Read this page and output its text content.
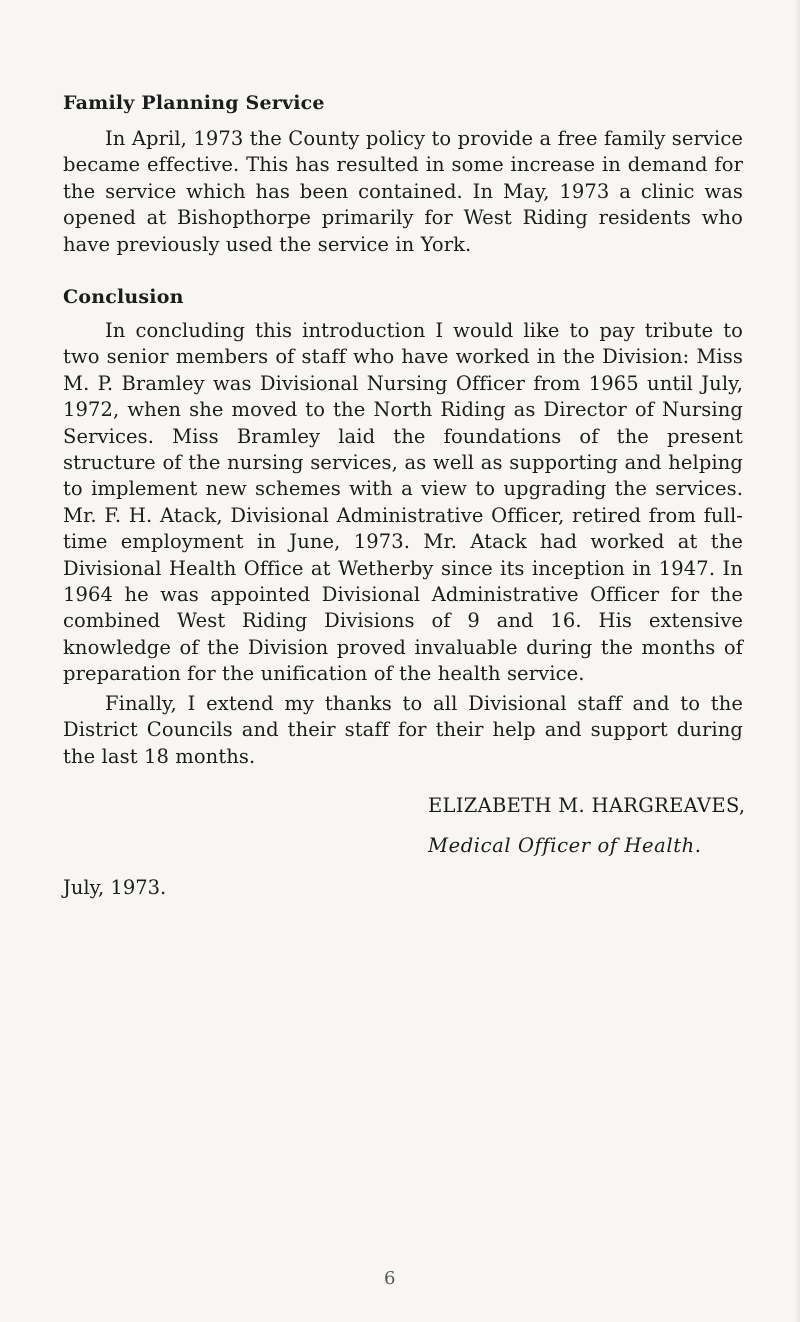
Family Planning Service

In April, 1973 the County policy to provide a free family service became effective. This has resulted in some increase in demand for the service which has been contained. In May, 1973 a clinic was opened at Bishopthorpe primarily for West Riding residents who have previously used the service in York.

Conclusion

In concluding this introduction I would like to pay tribute to two senior members of staff who have worked in the Division: Miss M. P. Bramley was Divisional Nursing Officer from 1965 until July, 1972, when she moved to the North Riding as Director of Nursing Services. Miss Bramley laid the foundations of the present structure of the nursing services, as well as supporting and helping to implement new schemes with a view to upgrading the services. Mr. F. H. Atack, Divisional Administrative Officer, retired from full-time employment in June, 1973. Mr. Atack had worked at the Divisional Health Office at Wetherby since its inception in 1947. In 1964 he was appointed Divisional Administrative Officer for the combined West Riding Divisions of 9 and 16. His extensive knowledge of the Division proved invaluable during the months of preparation for the unification of the health service.

Finally, I extend my thanks to all Divisional staff and to the District Councils and their staff for their help and support during the last 18 months.

ELIZABETH M. HARGREAVES,

Medical Officer of Health.

July, 1973.

6
